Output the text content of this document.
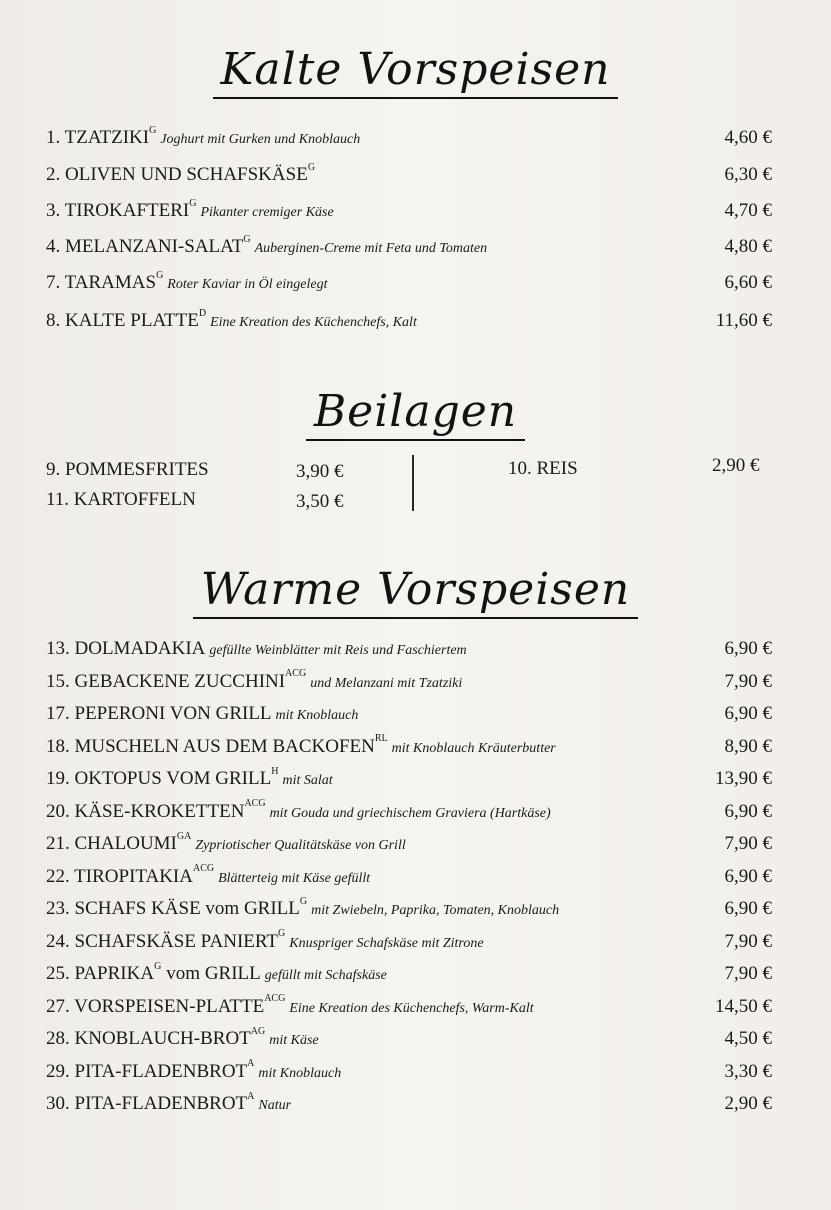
Kalte Vorspeisen
1. $TZATZIKI^GJoghurt$ mit Gurken und Knoblauch	4,60 €
2. OLIVEN UND $SCHAFSKÄSE^G$	6,30 €
3. $TIROKAFTERI^GPikanter$ cremiger Käse	4,70 €
4. MELANZANI-$SALAT^GAuberginen$-Creme mit Feta und Tomaten	4,80 €
7. $TARAMAS^GRoter$ Kaviar in Öl eingelegt	6,60 €
8. KALTE $PLATTE^DEine$ Kreation des Küchenchefs, Kalt	11,60 €
Beilagen
9. POMMESFRITES	3,90 €
11. KARTOFFELN	3,50 €
10. REIS	2,90 €
Warme Vorspeisen
13. DOLMADAKIA gefüllte Weinblätter mit Reis und Faschiertem	6,90 €
15. GEBACKENE $ZUCCHINI^{ACG}und$ Melanzani mit Tzatziki	7,90 €
17. PEPERONI VON GRILL mit Knoblauch	6,90 €
18. MUSCHELN AUS DEM $BACKOFEN^{RL}mit$ Knoblauch Kräuterbutter	8,90 €
19. OKTOPUS VOM $GRILL^Hmit$ Salat	13,90 €
20. KÄSE-$KROKETTEN^{ACG}mit$ Gouda und griechischem Graviera (Hartkäse)	6,90 €
21. $CHALOUMI^{GA}Zypriotischer$ Qualitätskäse von Grill	7,90 €
22. $TIROPITAKIA^{ACG}Blätterteig$ mit Käse gefüllt	6,90 €
23. SCHAFS KÄSE vom $GRILL^Gmit$ Zwiebeln, Paprika, Tomaten, Knoblauch	6,90 €
24. SCHAFSKÄSE $PANIERT^GKnuspriger$ Schafskäse mit Zitrone	7,90 €
25. $PAPRIKA^G$ vom GRILL gefüllt mit Schafskäse	7,90 €
27. VORSPEISEN-$PLATTE^{ACG}Eine$ Kreation des Küchenchefs, Warm-Kalt	14,50 €
28. KNOBLAUCH-$BROT^{AG}mit$ Käse	4,50 €
29. PITA-$FLADENBROT^Amit$ Knoblauch	3,30 €
30. PITA-$FLADENBROT^ANatur$	2,90 €
